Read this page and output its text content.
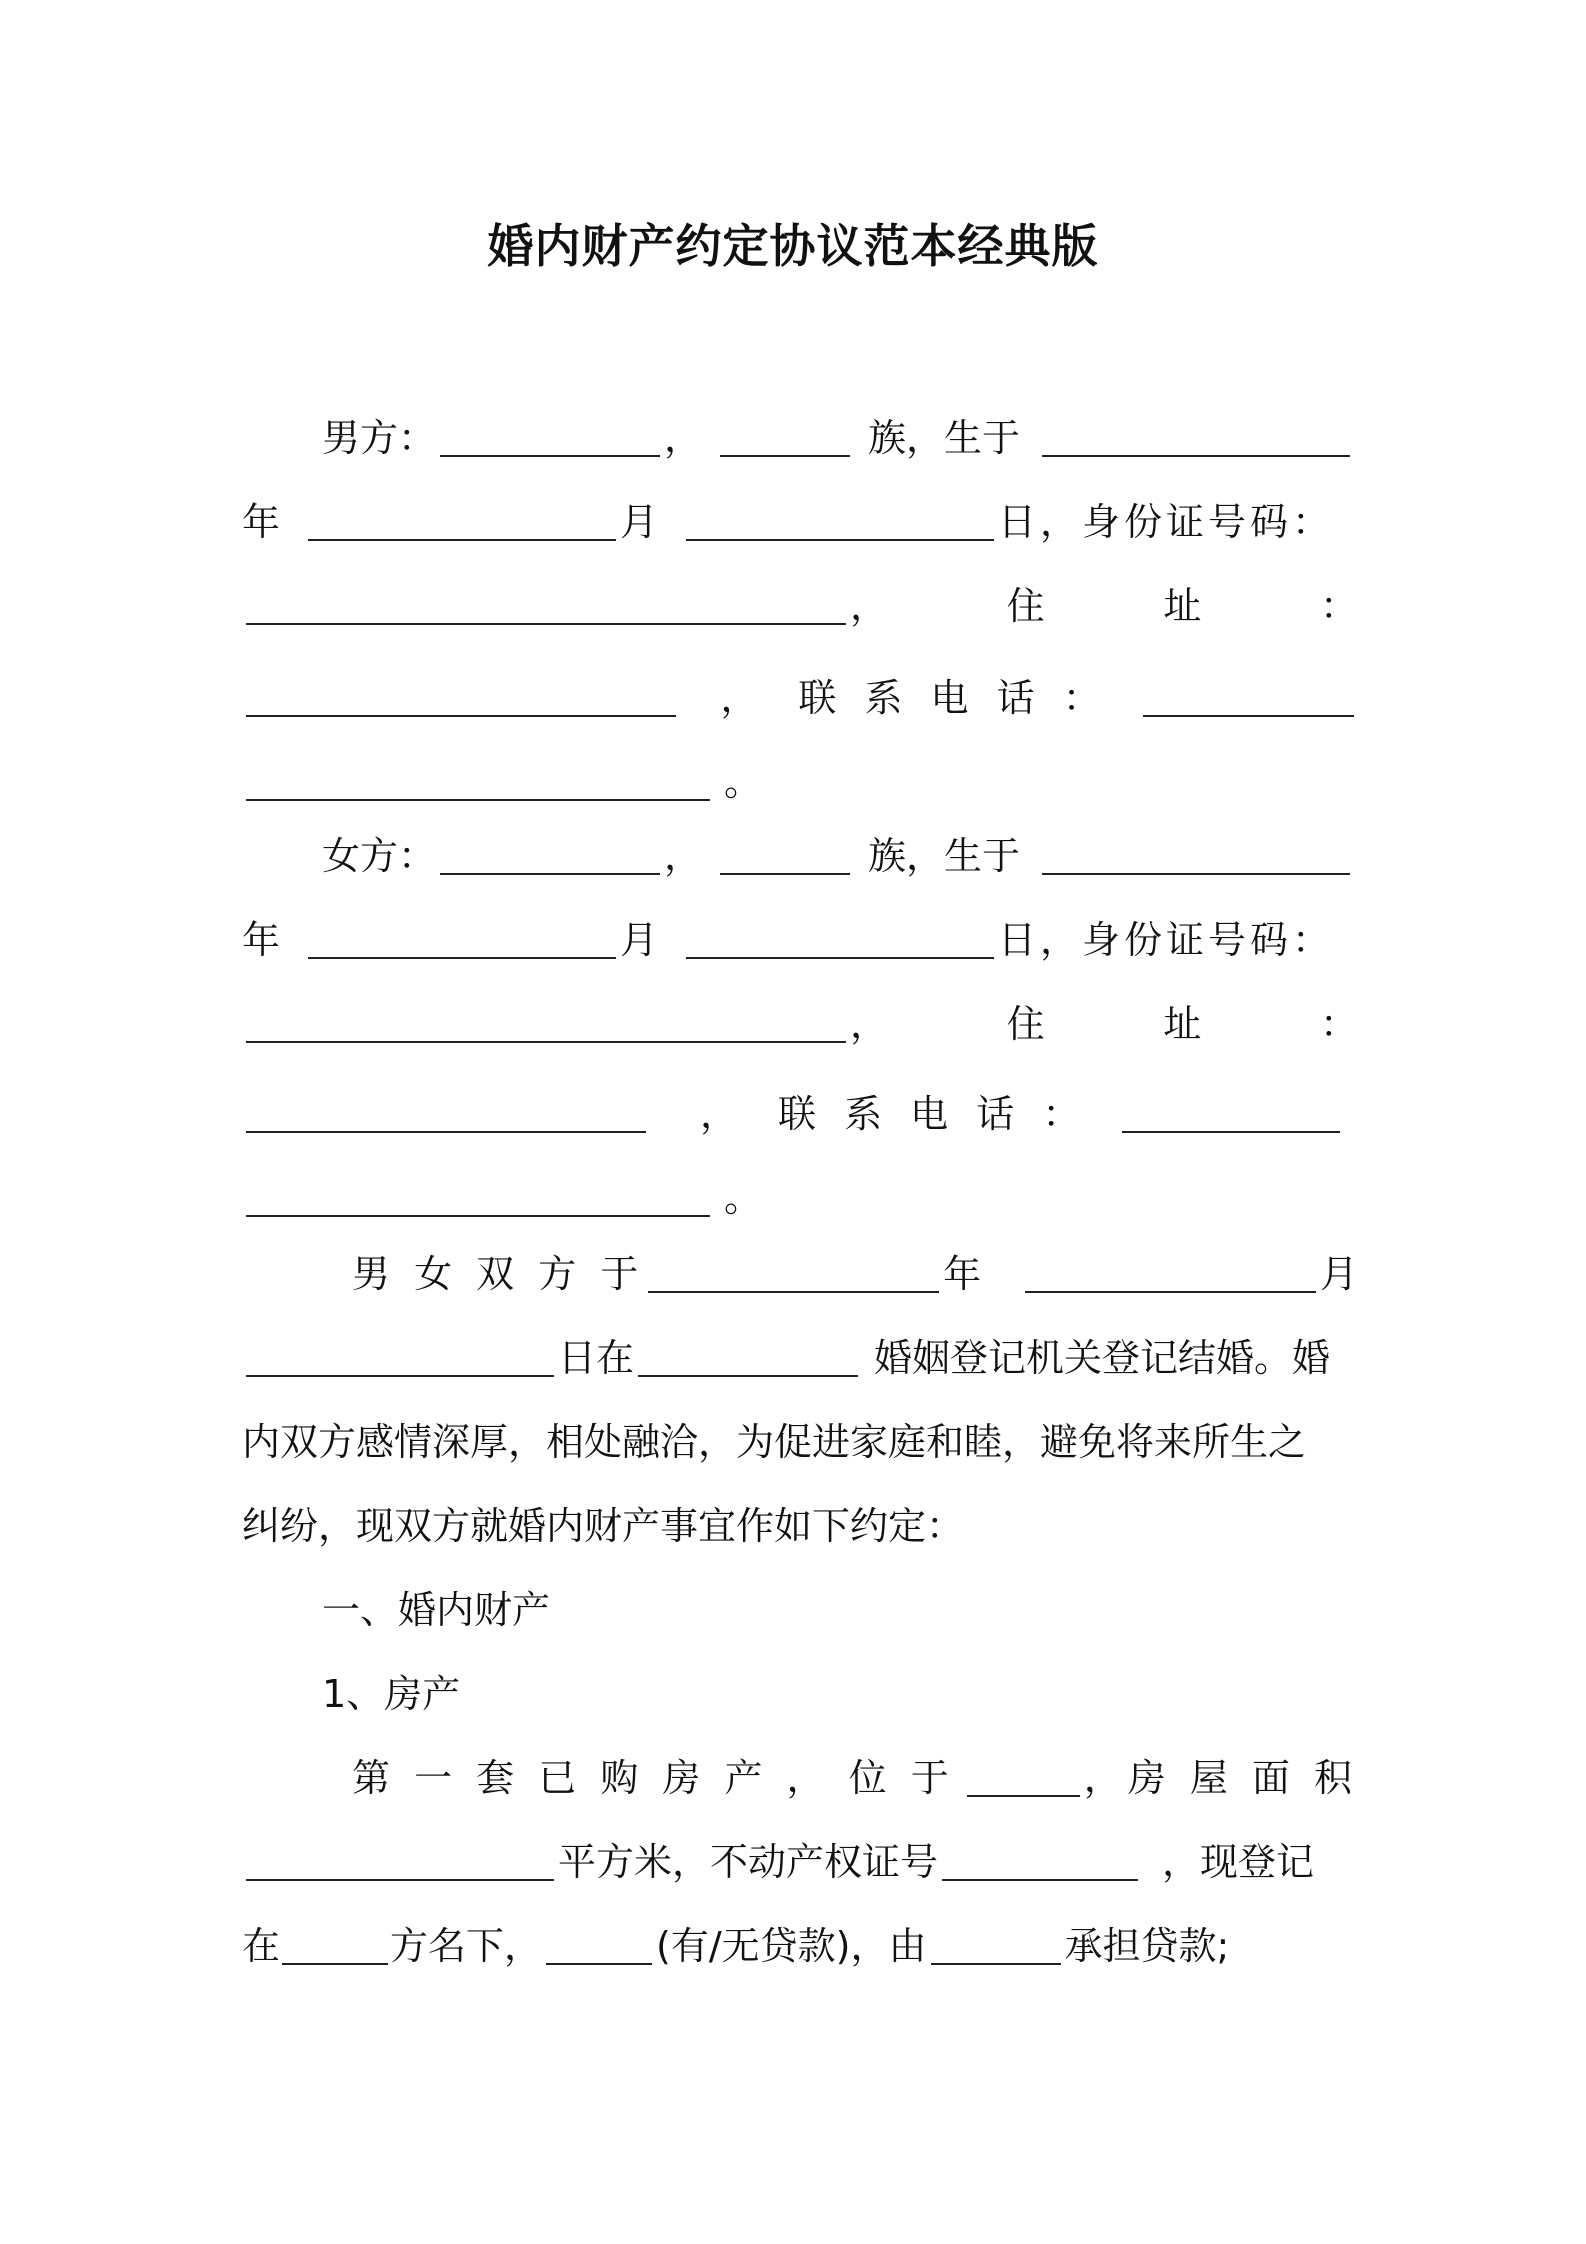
婚内财产约定协议范本经典版
男方：	，	族，生于
年	月	日，身份证号码：
，	住	址	：
， 联 系 电 话 ：
。
女方：	，	族，生于
年	月	日，身份证号码：
，	住	址	：
， 联 系 电 话 ：
。
男 女 双 方 于	年	月
日在	婚姻登记机关登记结婚。婚
内双方感情深厚，相处融洽，为促进家庭和睦，避免将来所生之
纠纷，现双方就婚内财产事宜作如下约定：
一、婚内财产
1、房产
第 一 套 已 购 房 产 ， 位 于	，房 屋 面 积
平方米，不动产权证号	，现登记
在	方名下，	(有/无贷款)，由	承担贷款;
